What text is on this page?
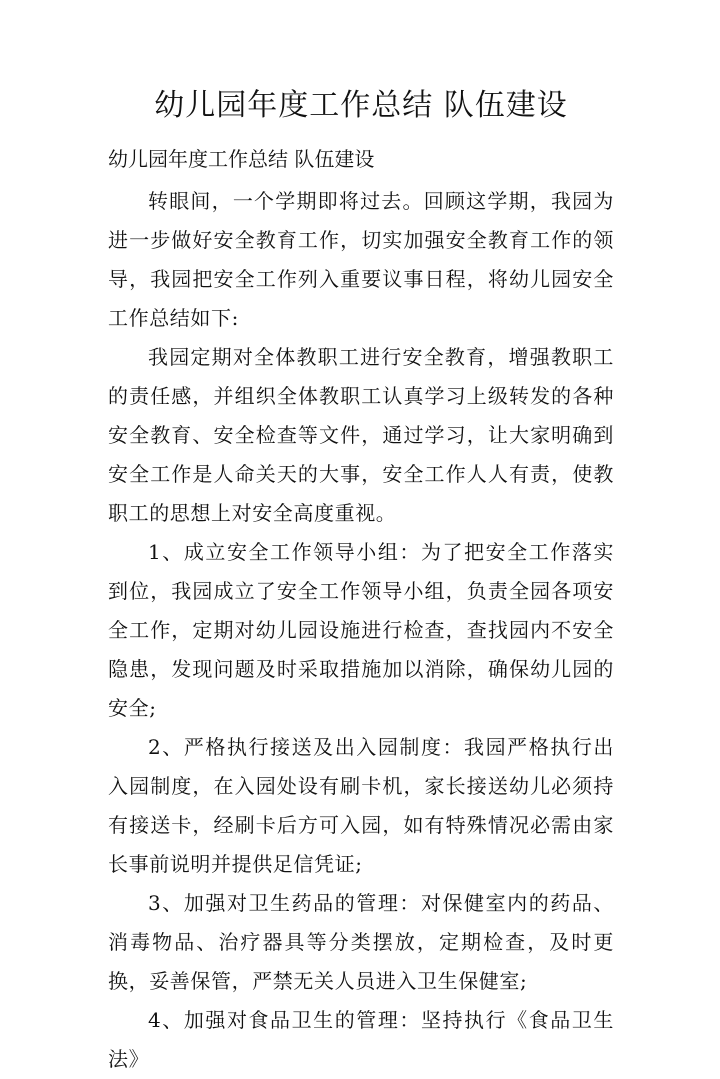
幼儿园年度工作总结 队伍建设
幼儿园年度工作总结 队伍建设

转眼间，一个学期即将过去。回顾这学期，我园为进一步做好安全教育工作，切实加强安全教育工作的领导，我园把安全工作列入重要议事日程，将幼儿园安全工作总结如下:

我园定期对全体教职工进行安全教育，增强教职工的责任感，并组织全体教职工认真学习上级转发的各种安全教育、安全检查等文件，通过学习，让大家明确到安全工作是人命关天的大事，安全工作人人有责，使教职工的思想上对安全高度重视。

1、成立安全工作领导小组：为了把安全工作落实到位，我园成立了安全工作领导小组，负责全园各项安全工作，定期对幼儿园设施进行检查，查找园内不安全隐患，发现问题及时采取措施加以消除，确保幼儿园的安全;

2、严格执行接送及出入园制度：我园严格执行出入园制度，在入园处设有刷卡机，家长接送幼儿必须持有接送卡，经刷卡后方可入园，如有特殊情况必需由家长事前说明并提供足信凭证;

3、加强对卫生药品的管理：对保健室内的药品、消毒物品、治疗器具等分类摆放，定期检查，及时更换，妥善保管，严禁无关人员进入卫生保健室;

4、加强对食品卫生的管理：坚持执行《食品卫生法》
